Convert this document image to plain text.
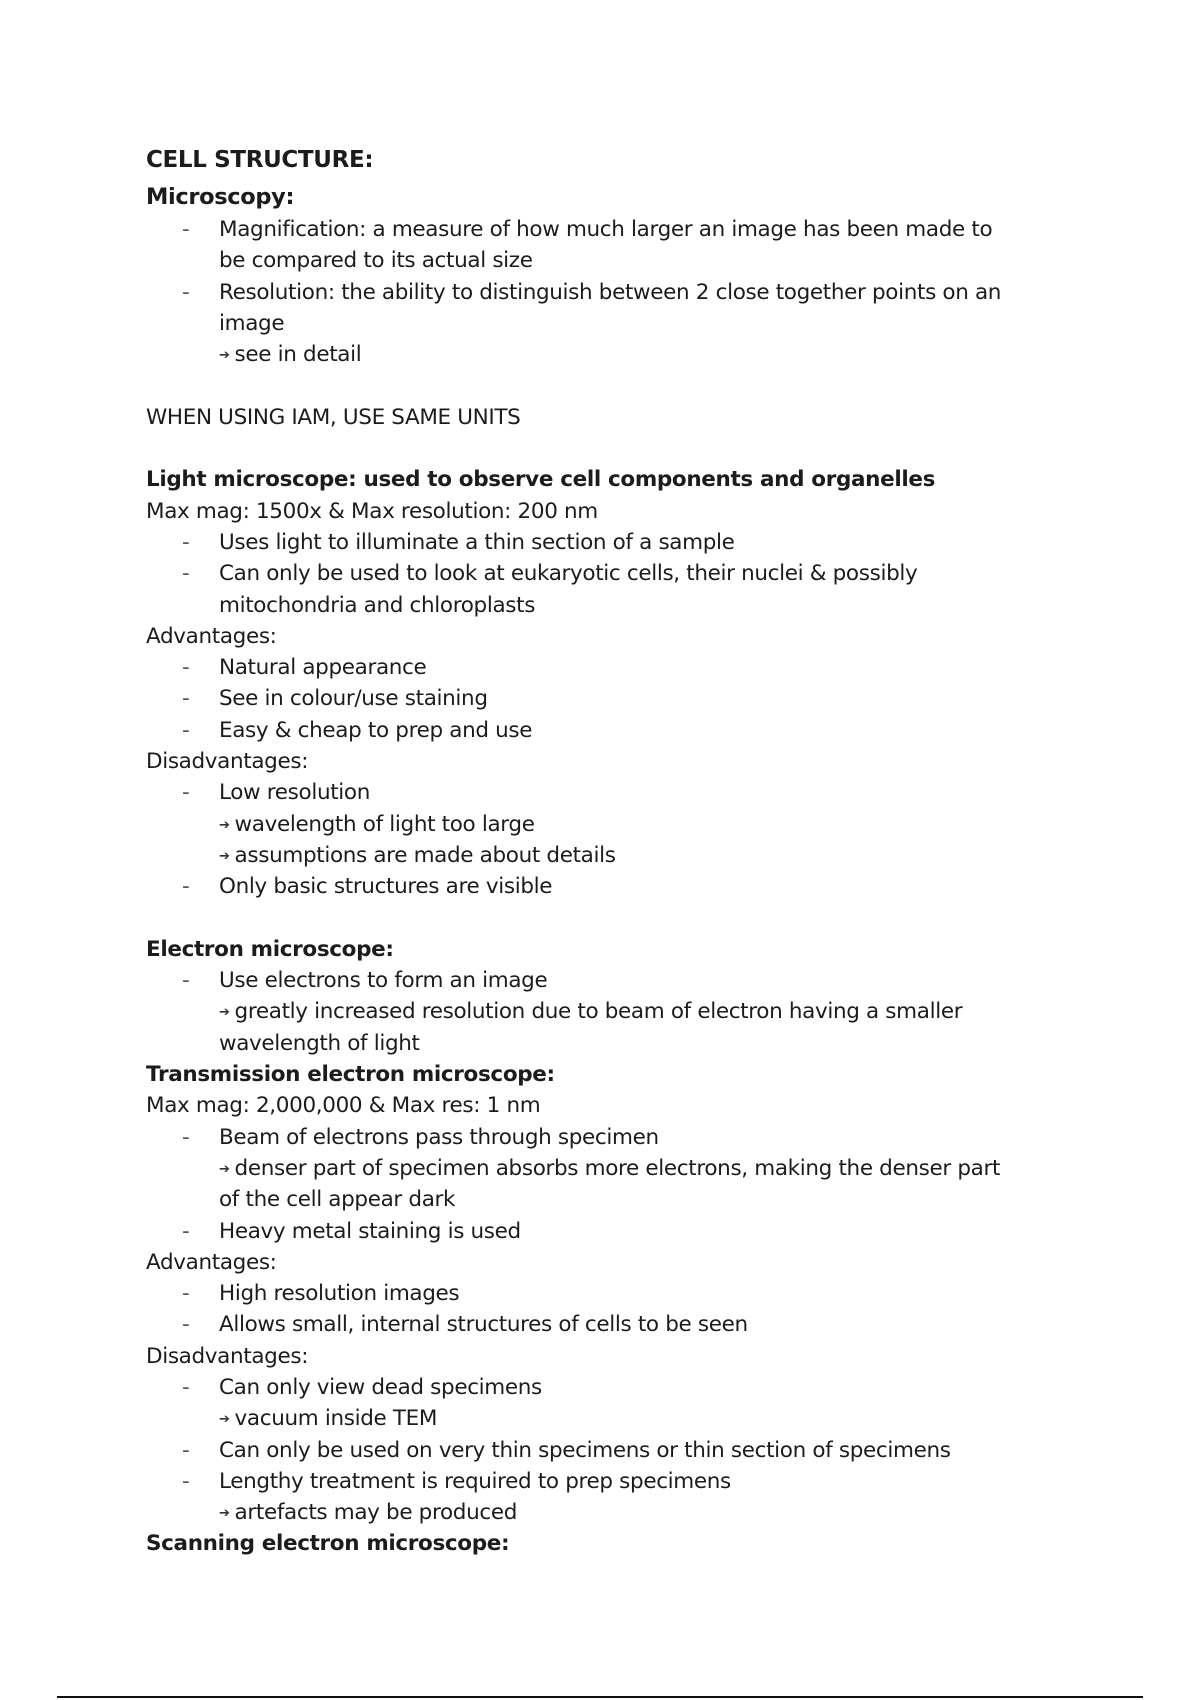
CELL STRUCTURE:
Microscopy:
- Magnification: a measure of how much larger an image has been made to
be compared to its actual size
- Resolution: the ability to distinguish between 2 close together points on an
image
➔ see in detail
WHEN USING IAM, USE SAME UNITS
Light microscope: used to observe cell components and organelles
Max mag: 1500x & Max resolution: 200 nm
- Uses light to illuminate a thin section of a sample
- Can only be used to look at eukaryotic cells, their nuclei & possibly
mitochondria and chloroplasts
Advantages:
- Natural appearance
- See in colour/use staining
- Easy & cheap to prep and use
Disadvantages:
- Low resolution
➔ wavelength of light too large
➔ assumptions are made about details
- Only basic structures are visible
Electron microscope:
- Use electrons to form an image
➔ greatly increased resolution due to beam of electron having a smaller
wavelength of light
Transmission electron microscope:
Max mag: 2,000,000 & Max res: 1 nm
- Beam of electrons pass through specimen
➔ denser part of specimen absorbs more electrons, making the denser part
of the cell appear dark
- Heavy metal staining is used
Advantages:
- High resolution images
- Allows small, internal structures of cells to be seen
Disadvantages:
- Can only view dead specimens
➔ vacuum inside TEM
- Can only be used on very thin specimens or thin section of specimens
- Lengthy treatment is required to prep specimens
➔ artefacts may be produced
Scanning electron microscope:
